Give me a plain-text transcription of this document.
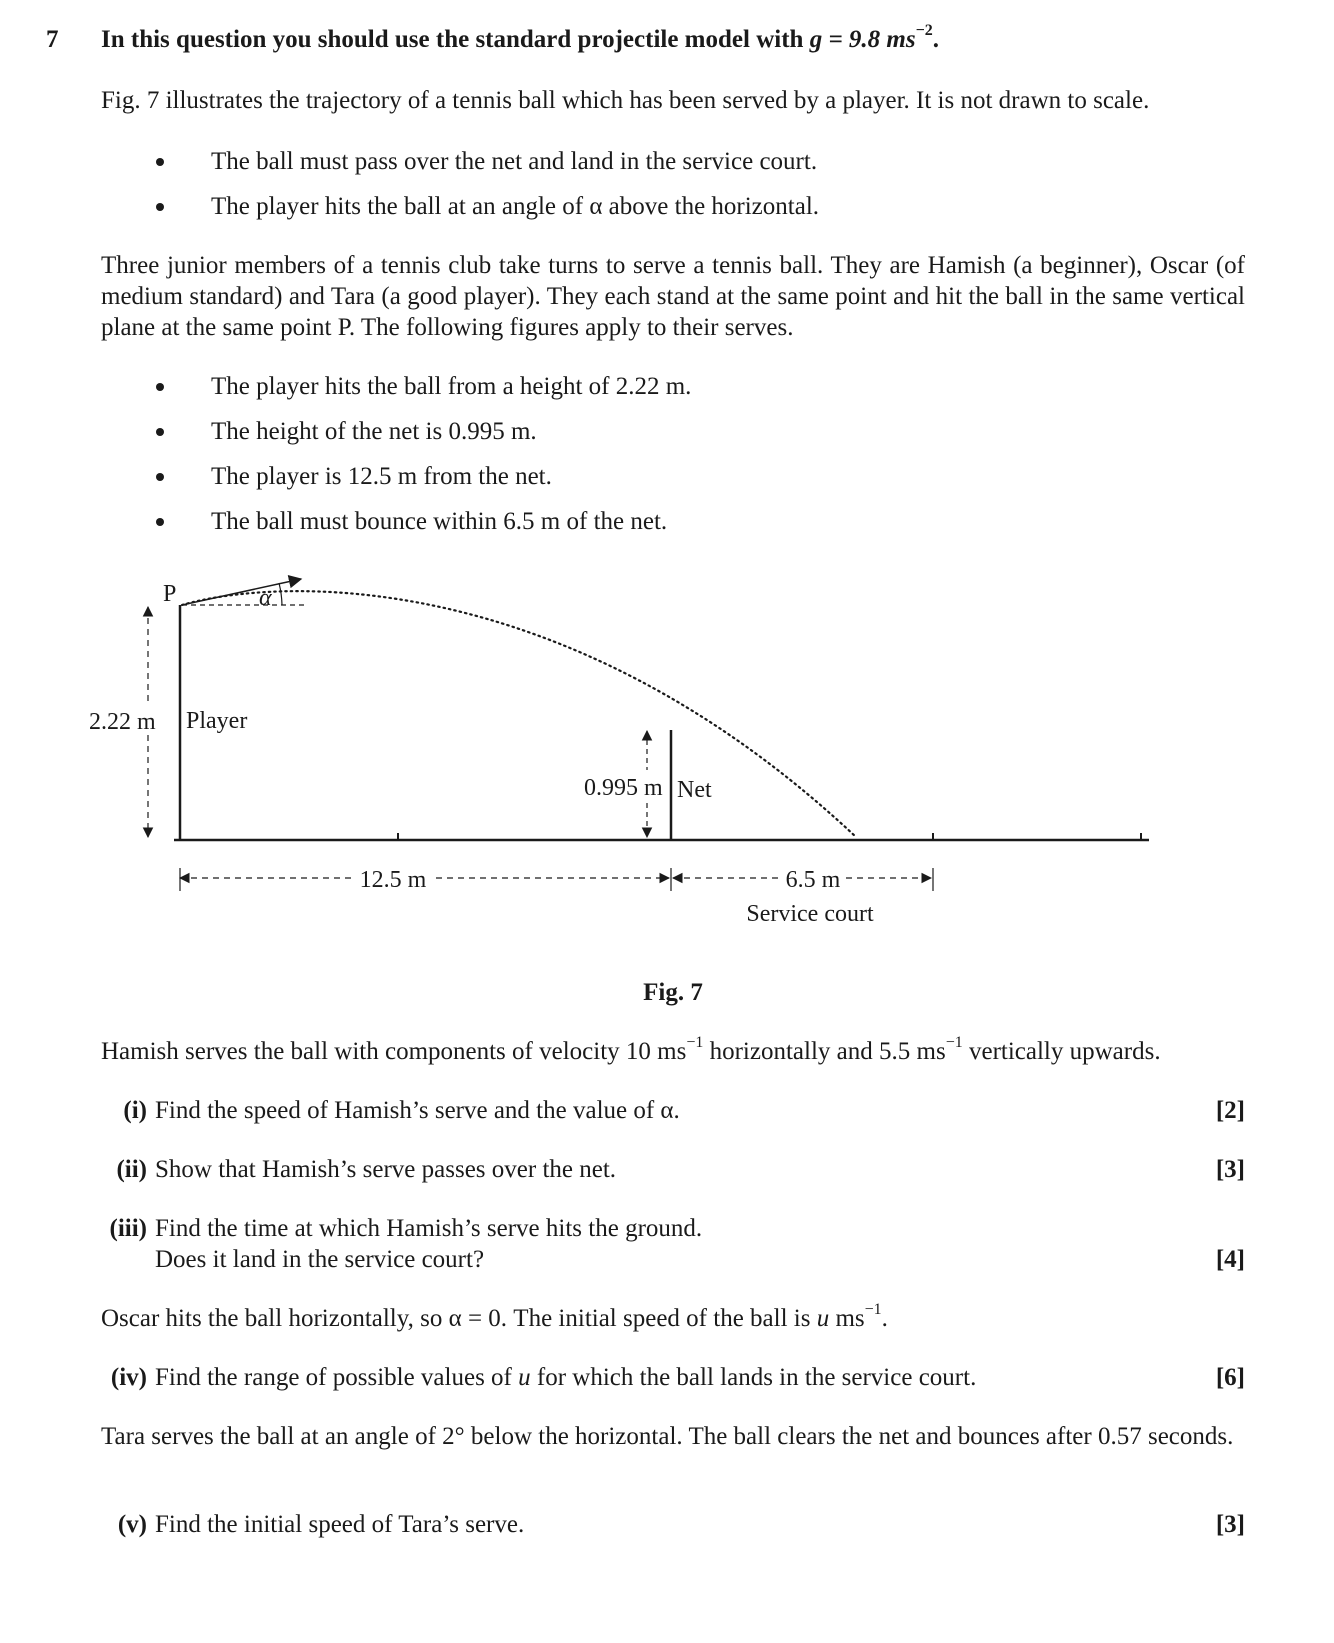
7 In this question you should use the standard projectile model with g = 9.8 $ms^{-2}$.

Fig. 7 illustrates the trajectory of a tennis ball which has been served by a player. It is not drawn to scale.

The ball must pass over the net and land in the service court.
The player hits the ball at an angle of α above the horizontal.

Three junior members of a tennis club take turns to serve a tennis ball. They are Hamish (a beginner), Oscar (of medium standard) and Tara (a good player). They each stand at the same point and hit the ball in the same vertical plane at the same point P. The following figures apply to their serves.

The player hits the ball from a height of 2.22 m.
The height of the net is 0.995 m.
The player is 12.5 m from the net.
The ball must bounce within 6.5 m of the net.
P	α
2.22 m Player
0.995 m Net
12.5 m	6.5 m
Service court

Fig. 7

Hamish serves the ball with components of velocity 10 $ms^{-1}$ horizontally and 5.5 $ms^{-1}$ vertically upwards.

(i) Find the speed of Hamish’s serve and the value of α.	[2]
(ii) Show that Hamish’s serve passes over the net.	[3]
(iii) Find the time at which Hamish’s serve hits the ground.
Does it land in the service court?	[4]

Oscar hits the ball horizontally, so α = 0. The initial speed of the ball is u $ms^{-1}$.

(iv) Find the range of possible values of u for which the ball lands in the service court.	[6]

Tara serves the ball at an angle of 2° below the horizontal. The ball clears the net and bounces after 0.57 seconds.

(v) Find the initial speed of Tara’s serve.	[3]
